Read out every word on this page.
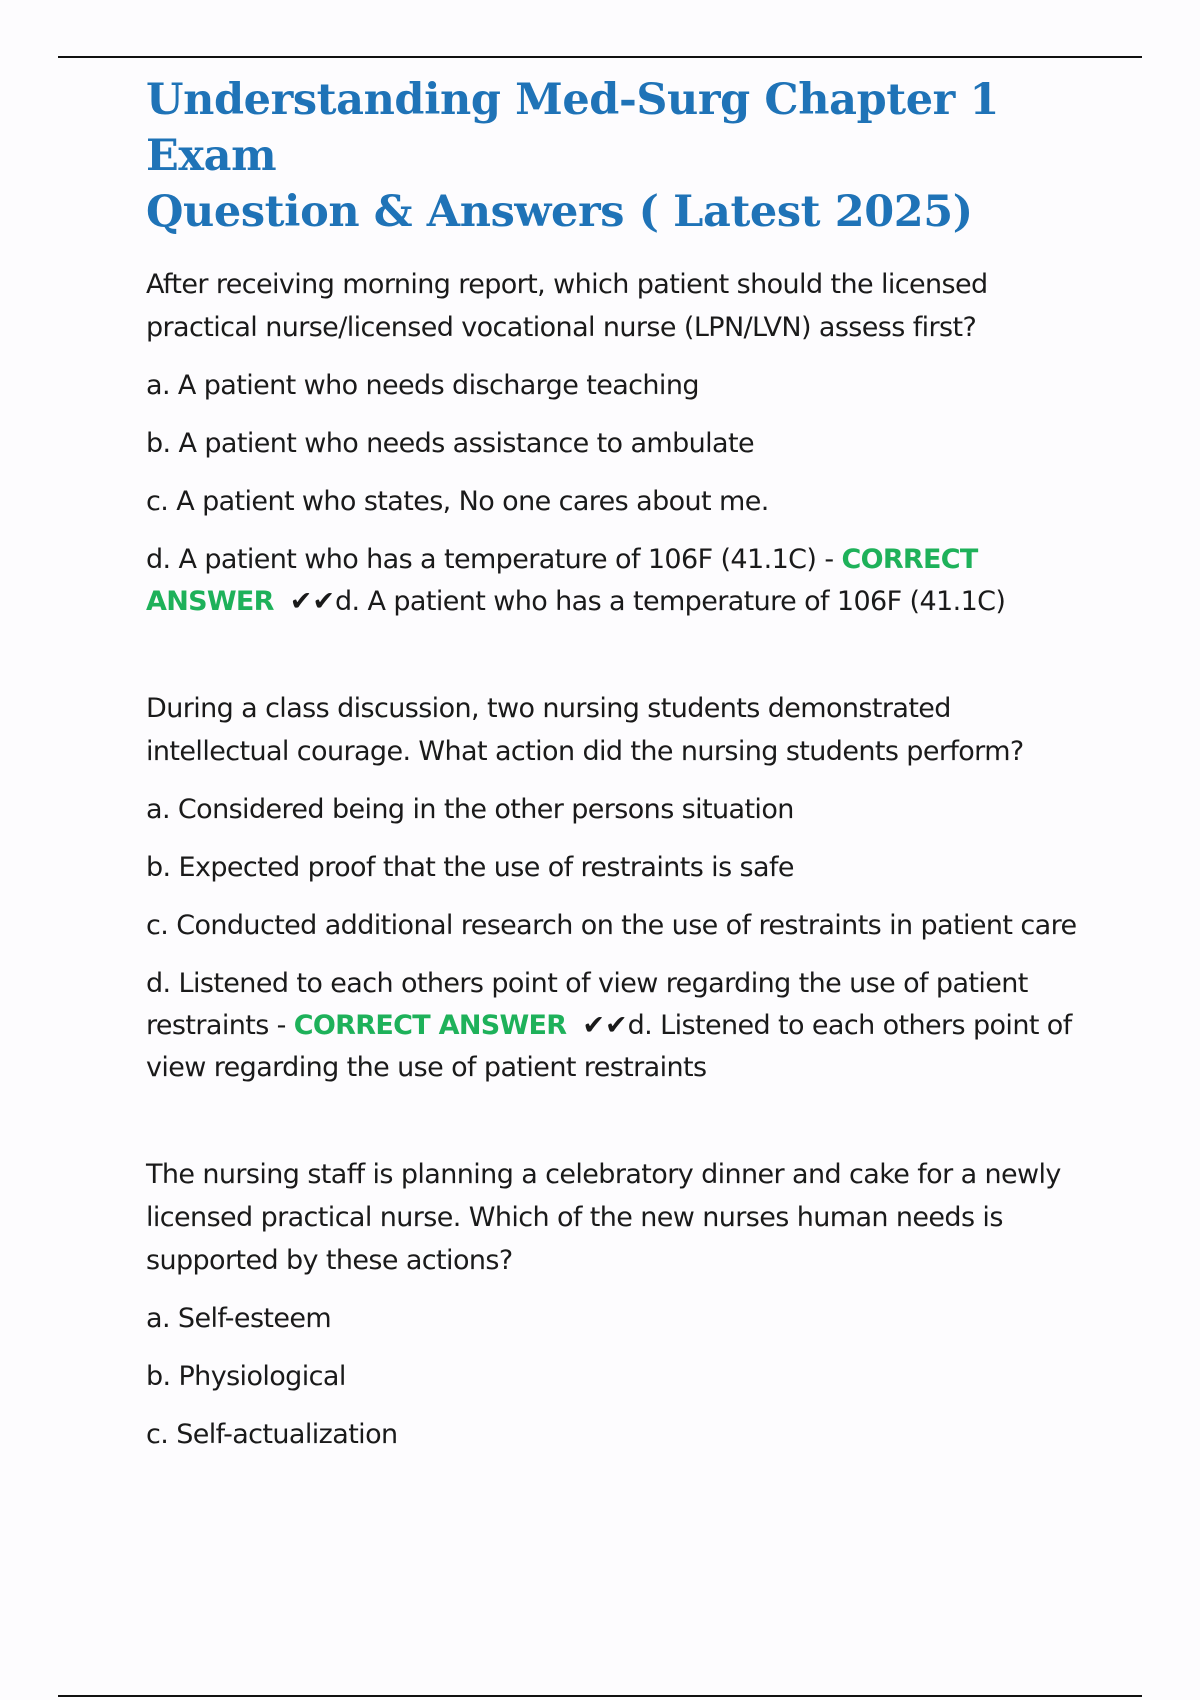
Understanding Med-Surg Chapter 1 Exam
Question & Answers ( Latest 2025)

After receiving morning report, which patient should the licensed practical nurse/licensed vocational nurse (LPN/LVN) assess first?

a. A patient who needs discharge teaching

b. A patient who needs assistance to ambulate

c. A patient who states, No one cares about me.

d. A patient who has a temperature of 106F (41.1C) - CORRECT ANSWER ✔✔d. A patient who has a temperature of 106F (41.1C)

During a class discussion, two nursing students demonstrated intellectual courage. What action did the nursing students perform?

a. Considered being in the other persons situation

b. Expected proof that the use of restraints is safe

c. Conducted additional research on the use of restraints in patient care

d. Listened to each others point of view regarding the use of patient restraints - CORRECT ANSWER ✔✔d. Listened to each others point of view regarding the use of patient restraints

The nursing staff is planning a celebratory dinner and cake for a newly licensed practical nurse. Which of the new nurses human needs is supported by these actions?

a. Self-esteem

b. Physiological

c. Self-actualization
